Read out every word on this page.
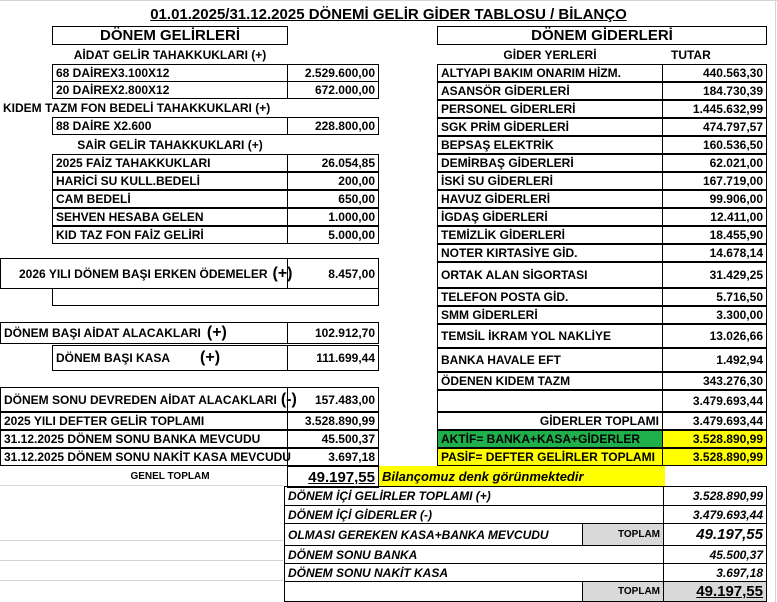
01.01.2025/31.12.2025 DÖNEMİ GELİR GİDER TABLOSU / BİLANÇO
DÖNEM GELİRLERİ
AİDAT GELİR TAHAKKUKLARI (+)
68 DAİREX3.100X12	2.529.600,00
20 DAİREX2.800X12	672.000,00
KIDEM TAZM FON BEDELİ TAHAKKUKLARI (+)
88 DAİRE X2.600	228.800,00
SAİR GELİR TAHAKKUKLARI (+)
2025 FAİZ TAHAKKUKLARI	26.054,85
HARİCİ SU KULL.BEDELİ	200,00
CAM BEDELİ	650,00
SEHVEN HESABA GELEN	1.000,00
KID TAZ FON FAİZ GELİRİ	5.000,00
2026 YILI DÖNEM BAŞI ERKEN ÖDEMELER (+)	8.457,00
DÖNEM BAŞI AİDAT ALACAKLARI (+)	102.912,70
DÖNEM BAŞI KASA (+)	111.699,44
DÖNEM SONU DEVREDEN AİDAT ALACAKLARI (-)	157.483,00
2025 YILI DEFTER GELİR TOPLAMI	3.528.890,99
31.12.2025 DÖNEM SONU BANKA MEVCUDU	45.500,37
31.12.2025 DÖNEM SONU NAKİT KASA MEVCUDU	3.697,18
GENEL TOPLAM	49.197,55
DÖNEM GİDERLERİ
GİDER YERLERİ	TUTAR
ALTYAPI BAKIM ONARIM HİZM.	440.563,30
ASANSÖR GİDERLERİ	184.730,39
PERSONEL GİDERLERİ	1.445.632,99
SGK PRİM GİDERLERİ	474.797,57
BEPSAŞ ELEKTRİK	160.536,50
DEMİRBAŞ GİDERLERİ	62.021,00
İSKİ SU GİDERLERİ	167.719,00
HAVUZ GİDERLERİ	99.906,00
İGDAŞ GİDERLERİ	12.411,00
TEMİZLİK GİDERLERİ	18.455,90
NOTER KIRTASİYE GİD.	14.678,14
ORTAK ALAN SİGORTASI	31.429,25
TELEFON POSTA GİD.	5.716,50
SMM GİDERLERİ	3.300,00
TEMSİL İKRAM YOL NAKLİYE	13.026,66
BANKA HAVALE EFT	1.492,94
ÖDENEN KIDEM TAZM	343.276,30
3.479.693,44
GİDERLER TOPLAMI	3.479.693,44
AKTİF= BANKA+KASA+GİDERLER	3.528.890,99
PASİF= DEFTER GELİRLER TOPLAMI	3.528.890,99
Bilançomuz denk görünmektedir
DÖNEM İÇİ GELİRLER TOPLAMI (+)	3.528.890,99
DÖNEM İÇİ GİDERLER (-)	3.479.693,44
OLMASI GEREKEN KASA+BANKA MEVCUDU	TOPLAM	49.197,55
DÖNEM SONU BANKA	45.500,37
DÖNEM SONU NAKİT KASA	3.697,18
TOPLAM	49.197,55
